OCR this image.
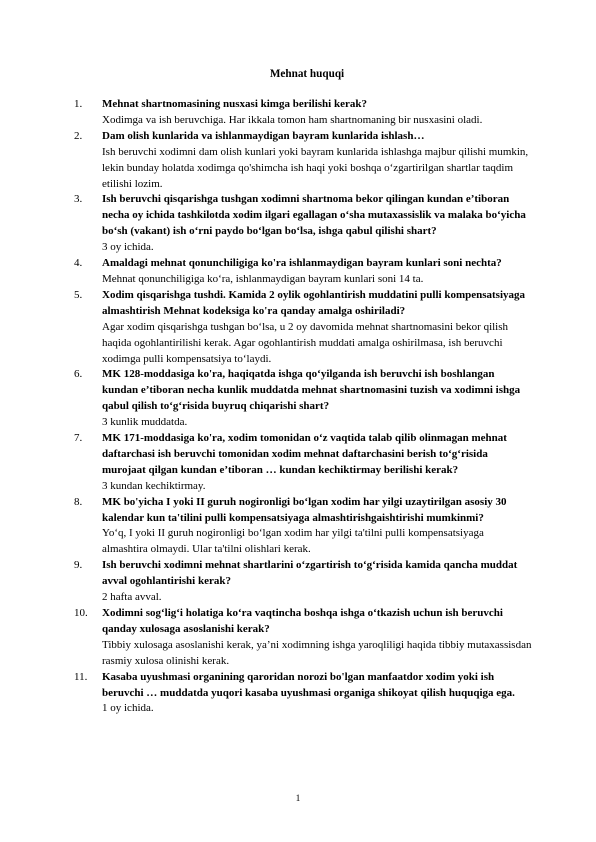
Mehnat huquqi
1.	Mehnat shartnomasining nusxasi kimga berilishi kerak?
Xodimga va ish beruvchiga. Har ikkala tomon ham shartnomaning bir nusxasini oladi.
2.	Dam olish kunlarida va ishlanmaydigan bayram kunlarida ishlash…
Ish beruvchi xodimni dam olish kunlari yoki bayram kunlarida ishlashga majbur qilishi mumkin, lekin bunday holatda xodimga qo'shimcha ish haqi yoki boshqa o‘zgartirilgan shartlar taqdim etilishi lozim.
3.	Ish beruvchi qisqarishga tushgan xodimni shartnoma bekor qilingan kundan e’tiboran necha oy ichida tashkilotda xodim ilgari egallagan o‘sha mutaxassislik va malaka bo‘yicha bo‘sh (vakant) ish o‘rni paydo bo‘lgan bo‘lsa, ishga qabul qilishi shart?
3 oy ichida.
4.	Amaldagi mehnat qonunchiligiga ko'ra ishlanmaydigan bayram kunlari soni nechta?
Mehnat qonunchiligiga ko‘ra, ishlanmaydigan bayram kunlari soni 14 ta.
5.	Xodim qisqarishga tushdi. Kamida 2 oylik ogohlantirish muddatini pulli kompensatsiyaga almashtirish Mehnat kodeksiga ko'ra qanday amalga oshiriladi?
Agar xodim qisqarishga tushgan bo‘lsa, u 2 oy davomida mehnat shartnomasini bekor qilish haqida ogohlantirilishi kerak. Agar ogohlantirish muddati amalga oshirilmasa, ish beruvchi xodimga pulli kompensatsiya to‘laydi.
6.	MK 128-moddasiga ko'ra, haqiqatda ishga qo‘yilganda ish beruvchi ish boshlangan kundan e’tiboran necha kunlik muddatda mehnat shartnomasini tuzish va xodimni ishga qabul qilish to‘g‘risida buyruq chiqarishi shart?
3 kunlik muddatda.
7.	MK 171-moddasiga ko'ra, xodim tomonidan o‘z vaqtida talab qilib olinmagan mehnat daftarchasi ish beruvchi tomonidan xodim mehnat daftarchasini berish to‘g‘risida murojaat qilgan kundan e’tiboran … kundan kechiktirmay berilishi kerak?
3 kundan kechiktirmay.
8.	MK bo'yicha I yoki II guruh nogironligi bo‘lgan xodim har yilgi uzaytirilgan asosiy 30 kalendar kun ta'tilini pulli kompensatsiyaga almashtirishgaishtirishi mumkinmi?
Yo‘q, I yoki II guruh nogironligi bo‘lgan xodim har yilgi ta'tilni pulli kompensatsiyaga almashtira olmaydi. Ular ta'tilni olishlari kerak.
9.	Ish beruvchi xodimni mehnat shartlarini o‘zgartirish to‘g‘risida kamida qancha muddat avval ogohlantirishi kerak?
2 hafta avval.
10.	Xodimni sog‘lig‘i holatiga ko‘ra vaqtincha boshqa ishga o‘tkazish uchun ish beruvchi qanday xulosaga asoslanishi kerak?
Tibbiy xulosaga asoslanishi kerak, ya’ni xodimning ishga yaroqliligi haqida tibbiy mutaxassisdan rasmiy xulosa olinishi kerak.
11.	Kasaba uyushmasi organining qaroridan norozi bo'lgan manfaatdor xodim yoki ish beruvchi … muddatda yuqori kasaba uyushmasi organiga shikoyat qilish huquqiga ega.
1 oy ichida.
1
